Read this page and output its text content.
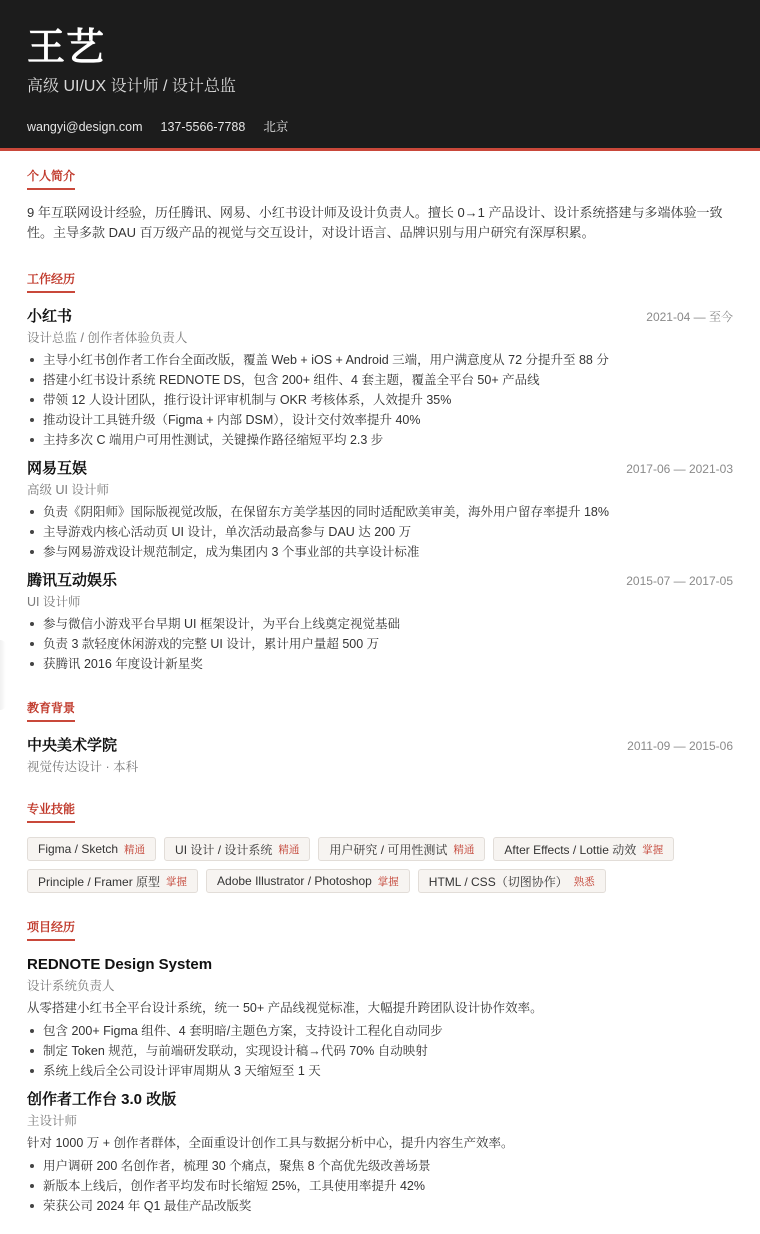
王艺
高级 UI/UX 设计师 / 设计总监
wangyi@design.com 137-5566-7788 北京
个人简介
9 年互联网设计经验，历任腾讯、网易、小红书设计师及设计负责人。擅长 0→1 产品设计、设计系统搭建与多端体验一致性。主导多款 DAU 百万级产品的视觉与交互设计，对设计语言、品牌识别与用户研究有深厚积累。
工作经历
小红书	2021-04 — 至今
设计总监 / 创作者体验负责人
主导小红书创作者工作台全面改版，覆盖 Web + iOS + Android 三端，用户满意度从 72 分提升至 88 分
搭建小红书设计系统 REDNOTE DS，包含 200+ 组件、4 套主题，覆盖全平台 50+ 产品线
带领 12 人设计团队，推行设计评审机制与 OKR 考核体系，人效提升 35%
推动设计工具链升级（Figma + 内部 DSM），设计交付效率提升 40%
主持多次 C 端用户可用性测试，关键操作路径缩短平均 2.3 步
网易互娱	2017-06 — 2021-03
高级 UI 设计师
负责《阴阳师》国际版视觉改版，在保留东方美学基因的同时适配欧美审美，海外用户留存率提升 18%
主导游戏内核心活动页 UI 设计，单次活动最高参与 DAU 达 200 万
参与网易游戏设计规范制定，成为集团内 3 个事业部的共享设计标准
腾讯互动娱乐	2015-07 — 2017-05
UI 设计师
参与微信小游戏平台早期 UI 框架设计，为平台上线奠定视觉基础
负责 3 款轻度休闲游戏的完整 UI 设计，累计用户量超 500 万
获腾讯 2016 年度设计新星奖
教育背景
中央美术学院	2011-09 — 2015-06
视觉传达设计 · 本科
专业技能
Figma / Sketch 精通	UI 设计 / 设计系统 精通	用户研究 / 可用性测试 精通	After Effects / Lottie 动效 掌握
Principle / Framer 原型 掌握	Adobe Illustrator / Photoshop 掌握	HTML / CSS（切图协作） 熟悉
项目经历
REDNOTE Design System
设计系统负责人
从零搭建小红书全平台设计系统，统一 50+ 产品线视觉标准，大幅提升跨团队设计协作效率。
包含 200+ Figma 组件、4 套明暗/主题色方案，支持设计工程化自动同步
制定 Token 规范，与前端研发联动，实现设计稿→代码 70% 自动映射
系统上线后全公司设计评审周期从 3 天缩短至 1 天
创作者工作台 3.0 改版
主设计师
针对 1000 万 + 创作者群体，全面重设计创作工具与数据分析中心，提升内容生产效率。
用户调研 200 名创作者，梳理 30 个痛点，聚焦 8 个高优先级改善场景
新版本上线后，创作者平均发布时长缩短 25%，工具使用率提升 42%
荣获公司 2024 年 Q1 最佳产品改版奖
